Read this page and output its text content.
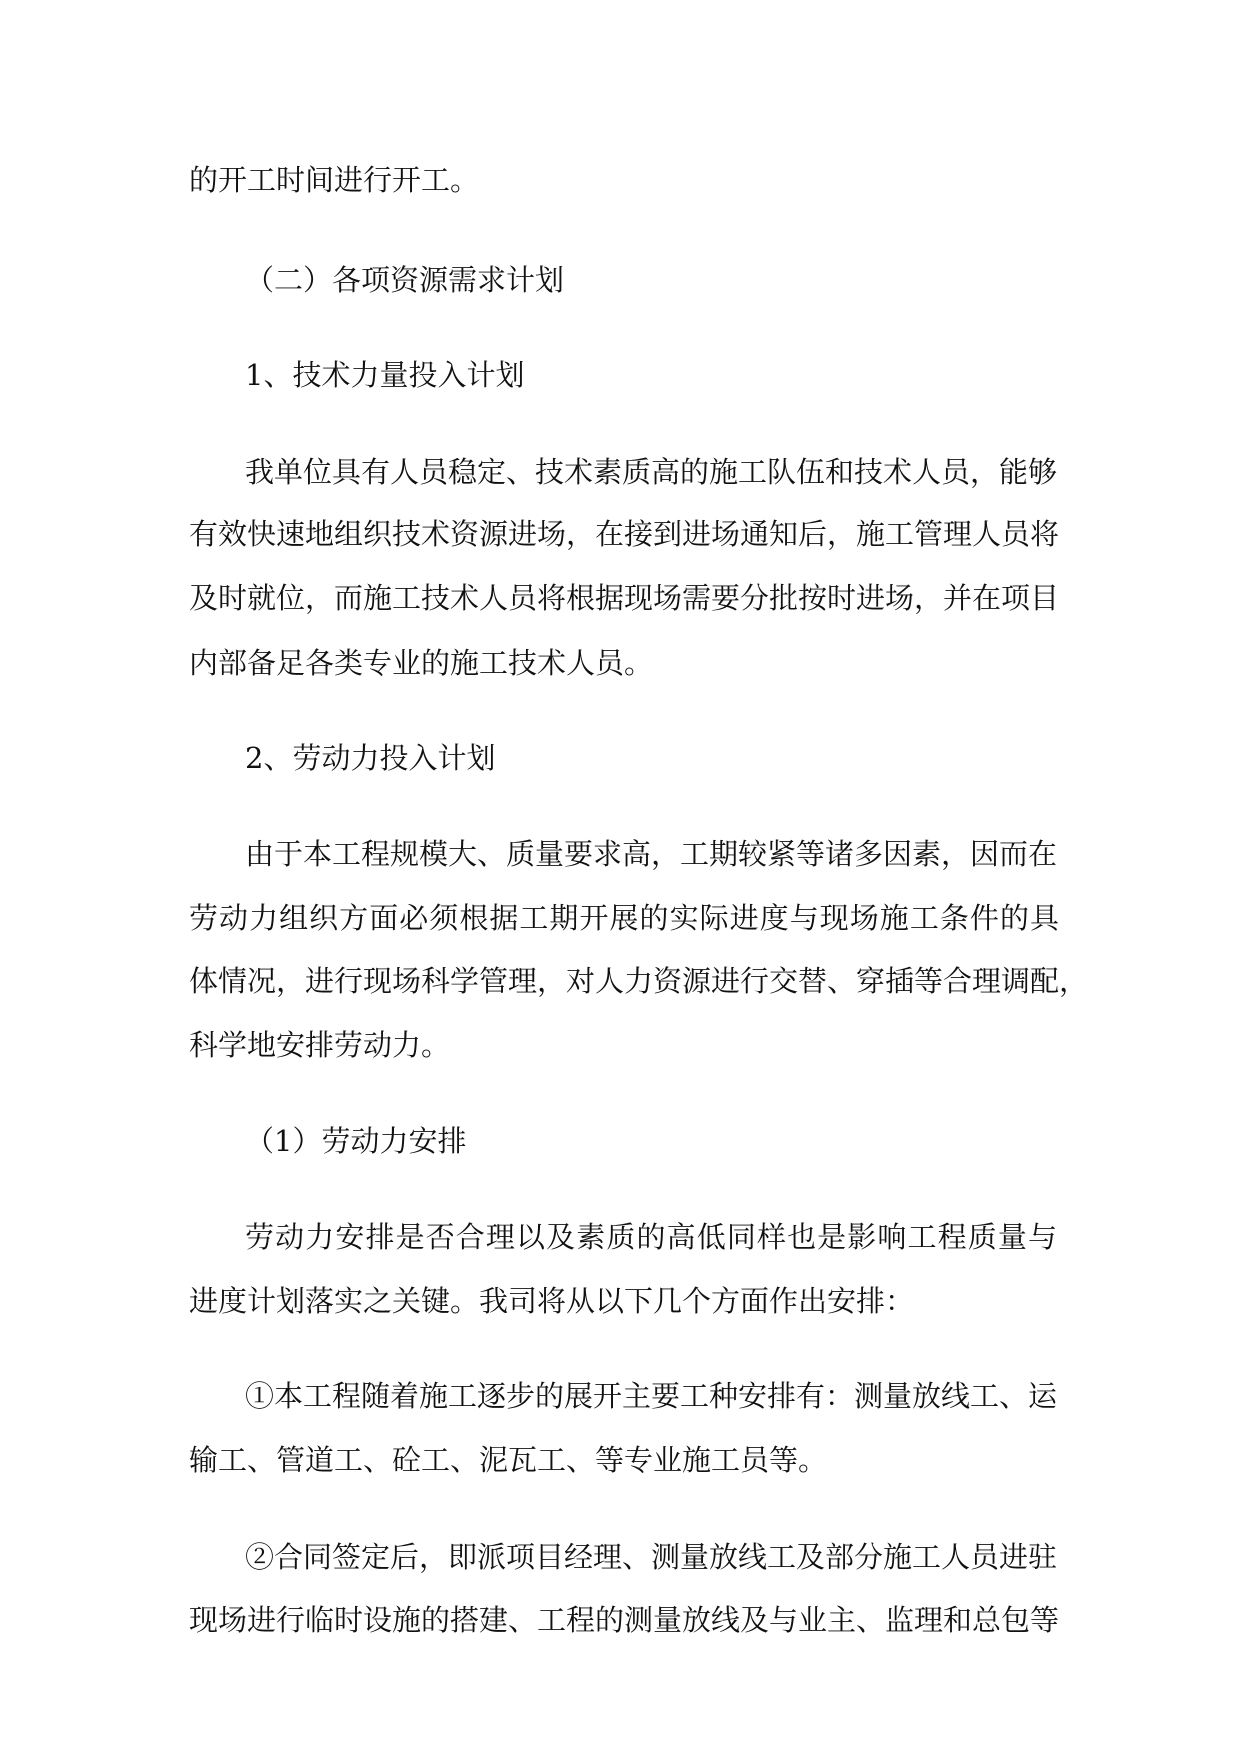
的开工时间进行开工。
（二）各项资源需求计划
1、技术力量投入计划
我单位具有人员稳定、技术素质高的施工队伍和技术人员，能够
有效快速地组织技术资源进场，在接到进场通知后，施工管理人员将
及时就位，而施工技术人员将根据现场需要分批按时进场，并在项目
内部备足各类专业的施工技术人员。
2、劳动力投入计划
由于本工程规模大、质量要求高，工期较紧等诸多因素，因而在
劳动力组织方面必须根据工期开展的实际进度与现场施工条件的具
体情况，进行现场科学管理，对人力资源进行交替、穿插等合理调配，
科学地安排劳动力。
（1）劳动力安排
劳动力安排是否合理以及素质的高低同样也是影响工程质量与
进度计划落实之关键。我司将从以下几个方面作出安排：
①本工程随着施工逐步的展开主要工种安排有：测量放线工、运
输工、管道工、砼工、泥瓦工、等专业施工员等。
②合同签定后，即派项目经理、测量放线工及部分施工人员进驻
现场进行临时设施的搭建、工程的测量放线及与业主、监理和总包等
